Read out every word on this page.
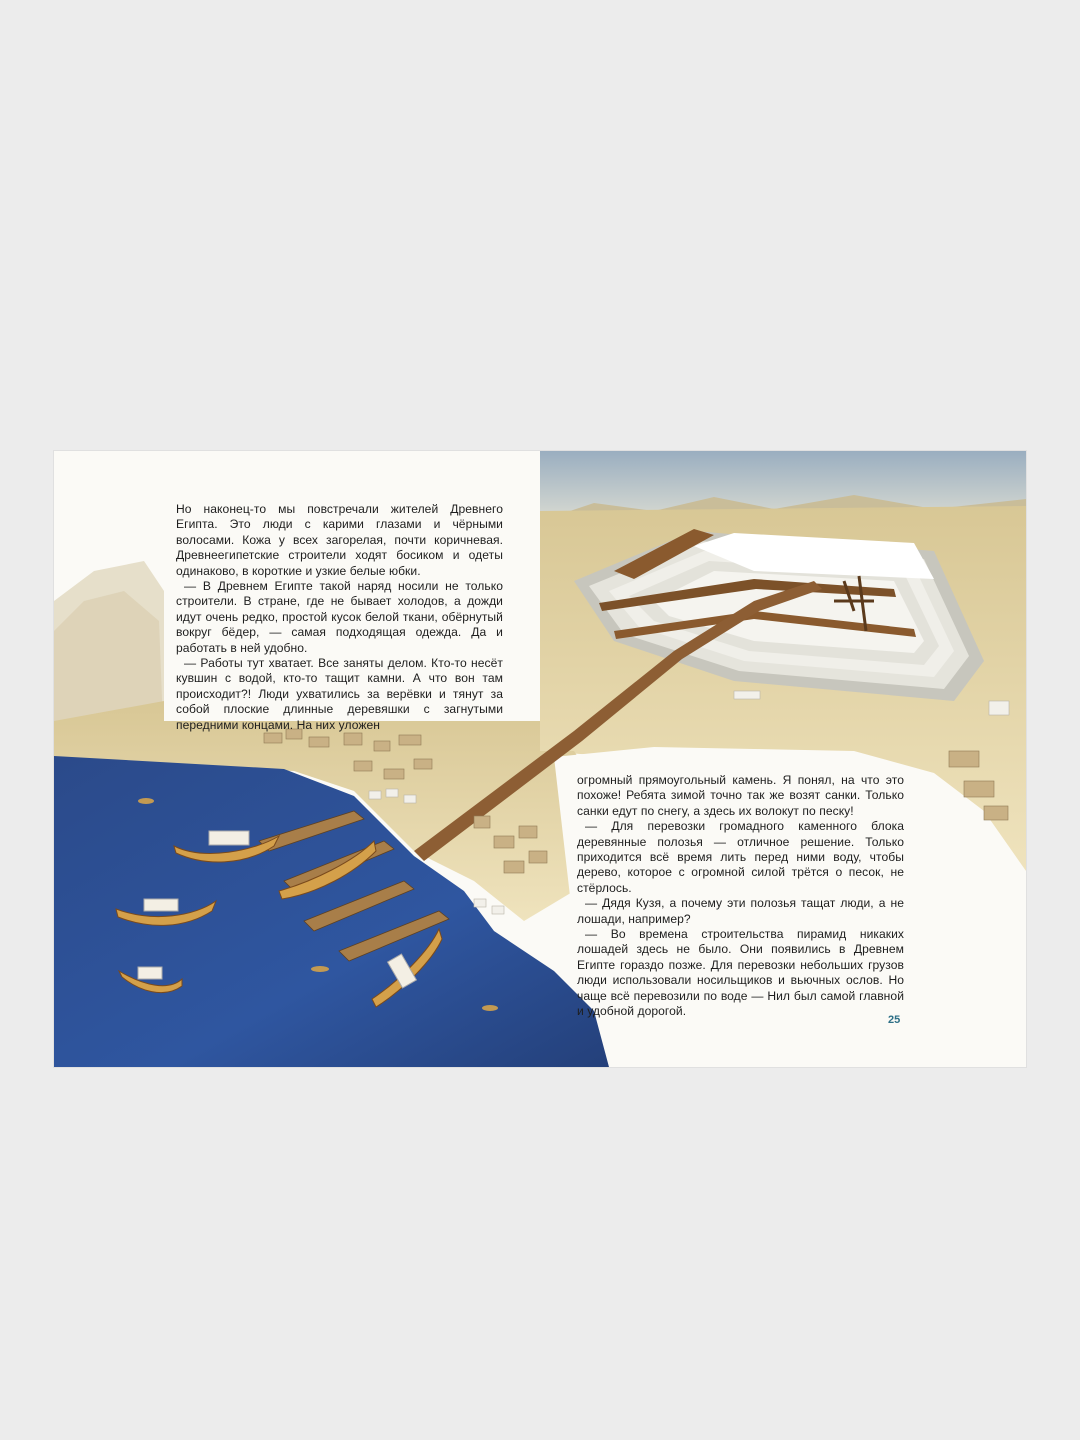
Но наконец-то мы повстречали жителей Древнего Египта. Это люди с карими глазами и чёрными волосами. Кожа у всех загорелая, почти коричневая. Древнеегипетские строители ходят босиком и одеты одинаково, в короткие и узкие белые юбки.

— В Древнем Египте такой наряд носили не только строители. В стране, где не бывает холодов, а дожди идут очень редко, простой кусок белой ткани, обёрнутый вокруг бёдер, — самая подходящая одежда. Да и работать в ней удобно.

— Работы тут хватает. Все заняты делом. Кто-то несёт кувшин с водой, кто-то тащит камни. А что вон там происходит?! Люди ухватились за верёвки и тянут за собой плоские длинные деревяшки с загнутыми передними концами. На них уложен

огромный прямоугольный камень. Я понял, на что это похоже! Ребята зимой точно так же возят санки. Только санки едут по снегу, а здесь их волокут по песку!

— Для перевозки громадного каменного блока деревянные полозья — отличное решение. Только приходится всё время лить перед ними воду, чтобы дерево, которое с огромной силой трётся о песок, не стёрлось.

— Дядя Кузя, а почему эти полозья тащат люди, а не лошади, например?

— Во времена строительства пирамид никаких лошадей здесь не было. Они появились в Древнем Египте гораздо позже. Для перевозки небольших грузов люди использовали носильщиков и вьючных ослов. Но чаще всё перевозили по воде — Нил был самой главной и удобной дорогой.

25
